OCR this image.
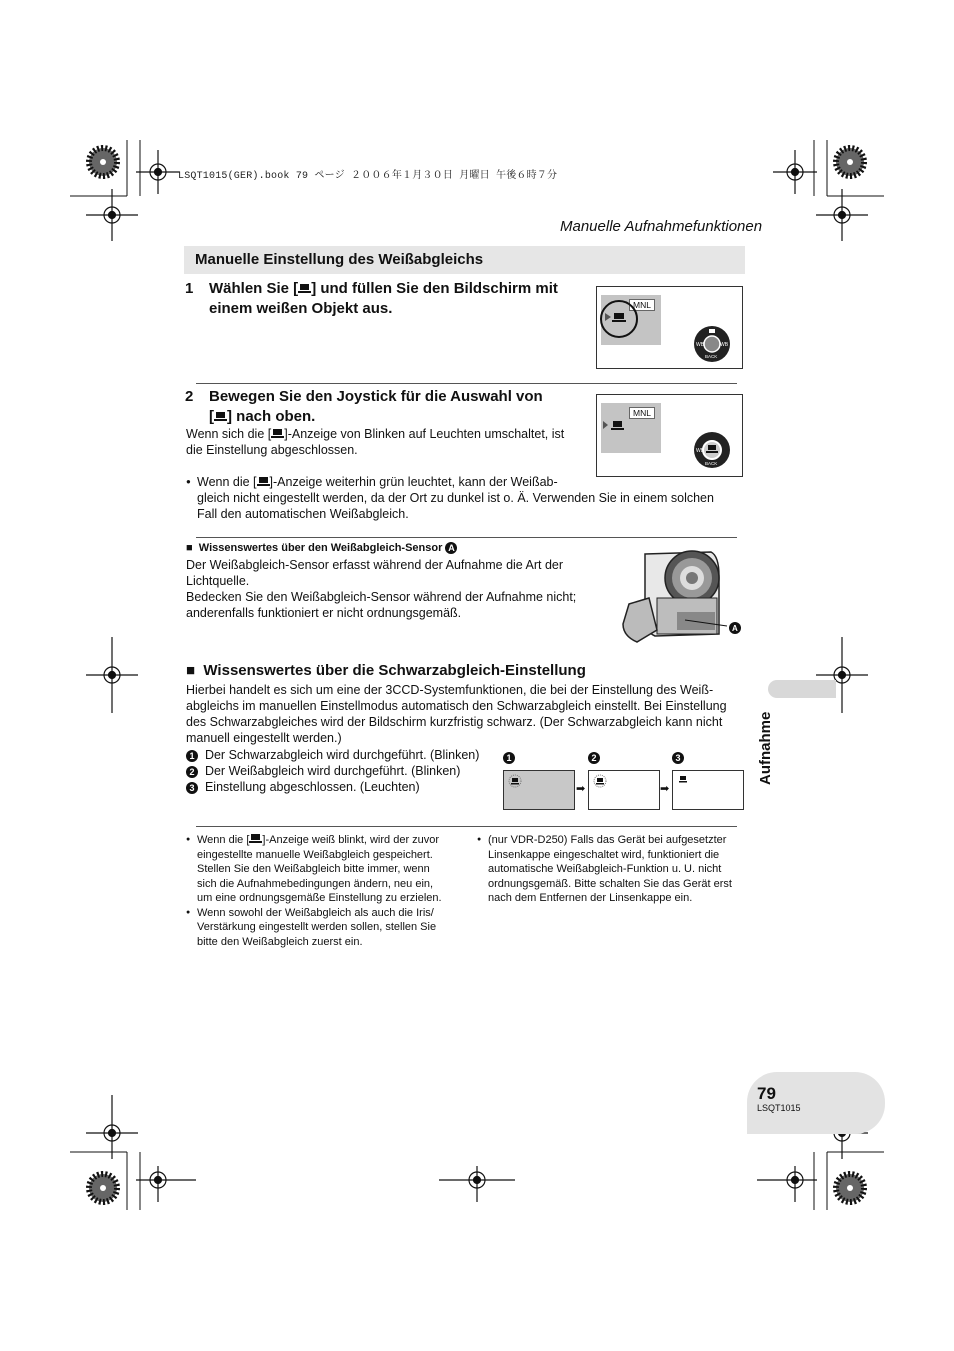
LSQT1015(GER).book 79 ページ ２００６年１月３０日 月曜日 午後６時７分
Manuelle Aufnahmefunktionen
Manuelle Einstellung des Weißabgleichs
1 Wählen Sie [ ] und füllen Sie den Bildschirm mit
einem weißen Objekt aus.	MNL
WB	WB
BACK
2 Bewegen Sie den Joystick für die Auswahl von
[ ] nach oben.
Wenn sich die [ ]-Anzeige von Blinken auf Leuchten umschaltet, ist
die Einstellung abgeschlossen.
MNL
WB
BACK
● Wenn die [ ]-Anzeige weiterhin grün leuchtet, kann der Weißab-
gleich nicht eingestellt werden, da der Ort zu dunkel ist o. Ä. Verwenden Sie in einem solchen
Fall den automatischen Weißabgleich.
■ Wissenswertes über den Weißabgleich-Sensor A
Der Weißabgleich-Sensor erfasst während der Aufnahme die Art der
Lichtquelle.
Bedecken Sie den Weißabgleich-Sensor während der Aufnahme nicht;
anderenfalls funktioniert er nicht ordnungsgemäß.
A
■ Wissenswertes über die Schwarzabgleich-Einstellung
Hierbei handelt es sich um eine der 3CCD-Systemfunktionen, die bei der Einstellung des Weiß-
abgleichs im manuellen Einstellmodus automatisch den Schwarzabgleich einstellt. Bei Einstellung
des Schwarzabgleiches wird der Bildschirm kurzfristig schwarz. (Der Schwarzabgleich kann nicht
manuell eingestellt werden.)
1 Der Schwarzabgleich wird durchgeführt. (Blinken)
2 Der Weißabgleich wird durchgeführt. (Blinken)
3 Einstellung abgeschlossen. (Leuchten)
1	2	3
➡	➡
● Wenn die [ ]-Anzeige weiß blinkt, wird der zuvor
eingestellte manuelle Weißabgleich gespeichert.
Stellen Sie den Weißabgleich bitte immer, wenn
sich die Aufnahmebedingungen ändern, neu ein,
um eine ordnungsgemäße Einstellung zu erzielen.

● Wenn sowohl der Weißabgleich als auch die Iris/
Verstärkung eingestellt werden sollen, stellen Sie
bitte den Weißabgleich zuerst ein.
● (nur VDR-D250) Falls das Gerät bei aufgesetzter
Linsenkappe eingeschaltet wird, funktioniert die
automatische Weißabgleich-Funktion u. U. nicht
ordnungsgemäß. Bitte schalten Sie das Gerät erst
nach dem Entfernen der Linsenkappe ein.
Aufnahme
79
LSQT1015
